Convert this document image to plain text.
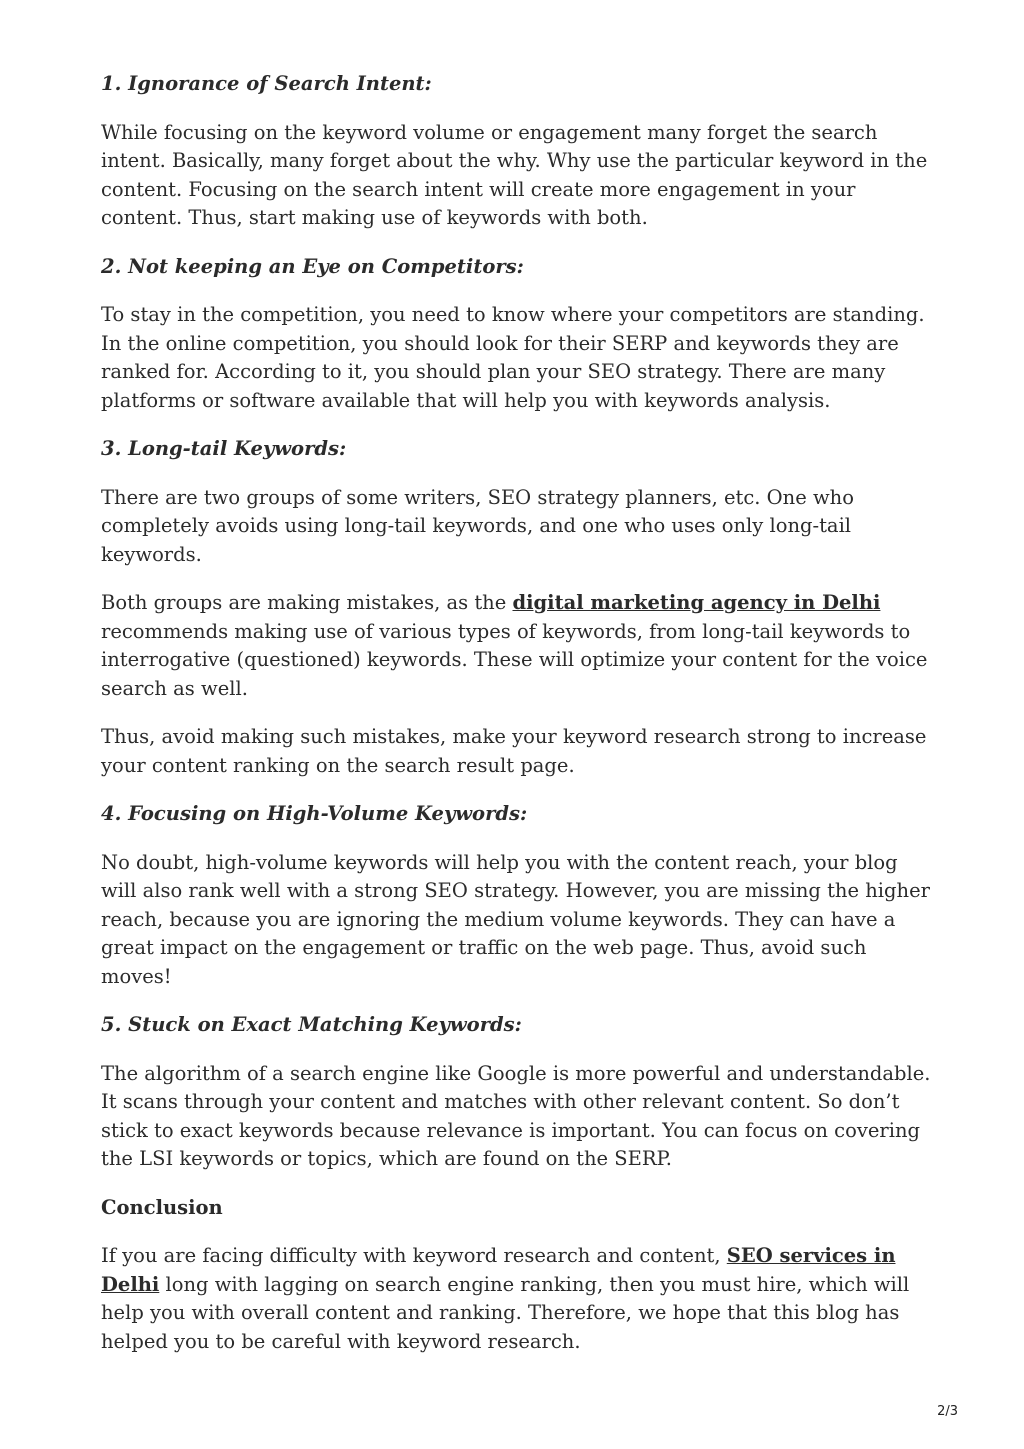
1. Ignorance of Search Intent:

While focusing on the keyword volume or engagement many forget the search intent. Basically, many forget about the why. Why use the particular keyword in the content. Focusing on the search intent will create more engagement in your content. Thus, start making use of keywords with both.

2. Not keeping an Eye on Competitors:

To stay in the competition, you need to know where your competitors are standing. In the online competition, you should look for their SERP and keywords they are ranked for. According to it, you should plan your SEO strategy. There are many platforms or software available that will help you with keywords analysis.

3. Long-tail Keywords:

There are two groups of some writers, SEO strategy planners, etc. One who completely avoids using long-tail keywords, and one who uses only long-tail keywords.

Both groups are making mistakes, as the digital marketing agency in Delhi recommends making use of various types of keywords, from long-tail keywords to interrogative (questioned) keywords. These will optimize your content for the voice search as well.

Thus, avoid making such mistakes, make your keyword research strong to increase your content ranking on the search result page.

4. Focusing on High-Volume Keywords:

No doubt, high-volume keywords will help you with the content reach, your blog will also rank well with a strong SEO strategy. However, you are missing the higher reach, because you are ignoring the medium volume keywords. They can have a great impact on the engagement or traffic on the web page. Thus, avoid such moves!

5. Stuck on Exact Matching Keywords:

The algorithm of a search engine like Google is more powerful and understandable. It scans through your content and matches with other relevant content. So don’t stick to exact keywords because relevance is important. You can focus on covering the LSI keywords or topics, which are found on the SERP.

Conclusion

If you are facing difficulty with keyword research and content, SEO services in Delhi long with lagging on search engine ranking, then you must hire, which will help you with overall content and ranking. Therefore, we hope that this blog has helped you to be careful with keyword research.

2/3
